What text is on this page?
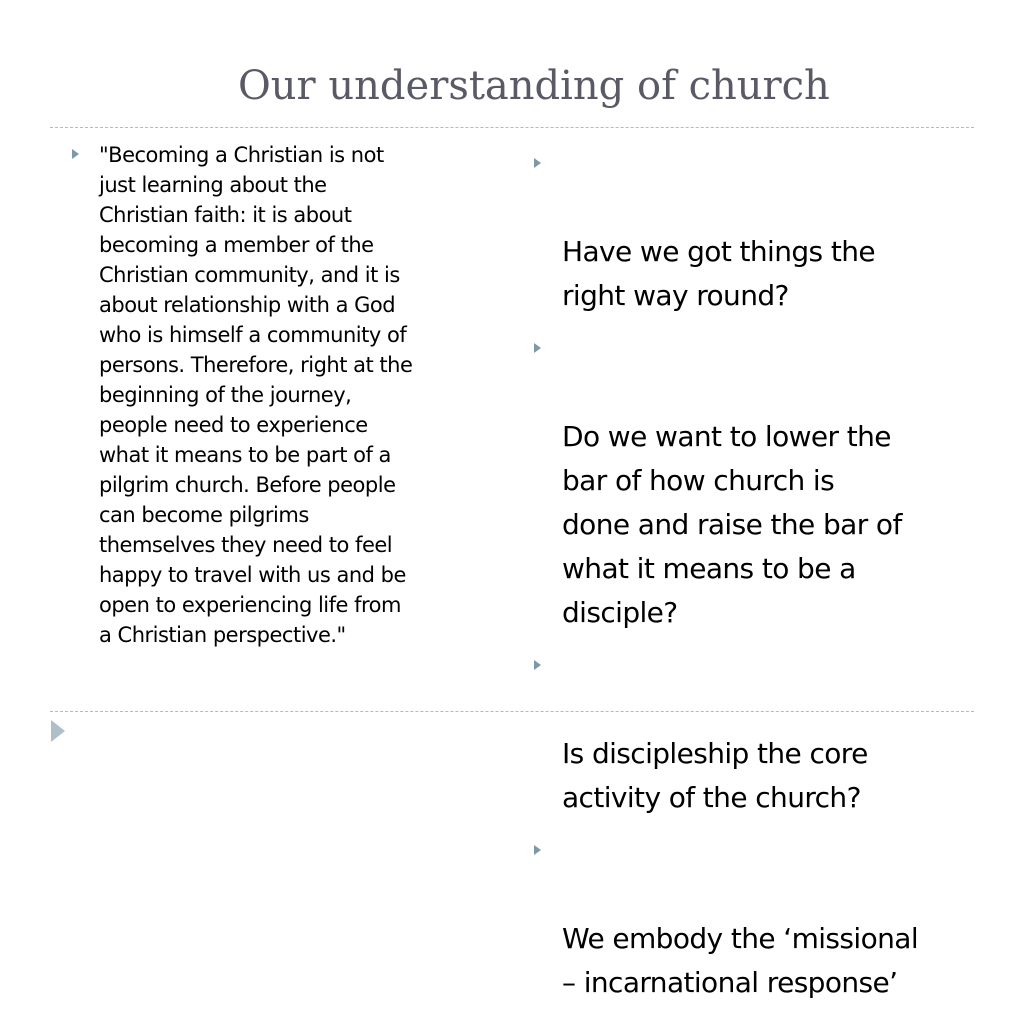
Our understanding of church

"Becoming a Christian is not
just learning about the
Christian faith: it is about
becoming a member of the
Christian community, and it is
about relationship with a God
who is himself a community of
persons. Therefore, right at the
beginning of the journey,
people need to experience
what it means to be part of a
pilgrim church. Before people
can become pilgrims
themselves they need to feel
happy to travel with us and be
open to experiencing life from
a Christian perspective."

Have we got things the
right way round?

Do we want to lower the
bar of how church is
done and raise the bar of
what it means to be a
disciple?

Is discipleship the core
activity of the church?

We embody the ‘missional
– incarnational response’
